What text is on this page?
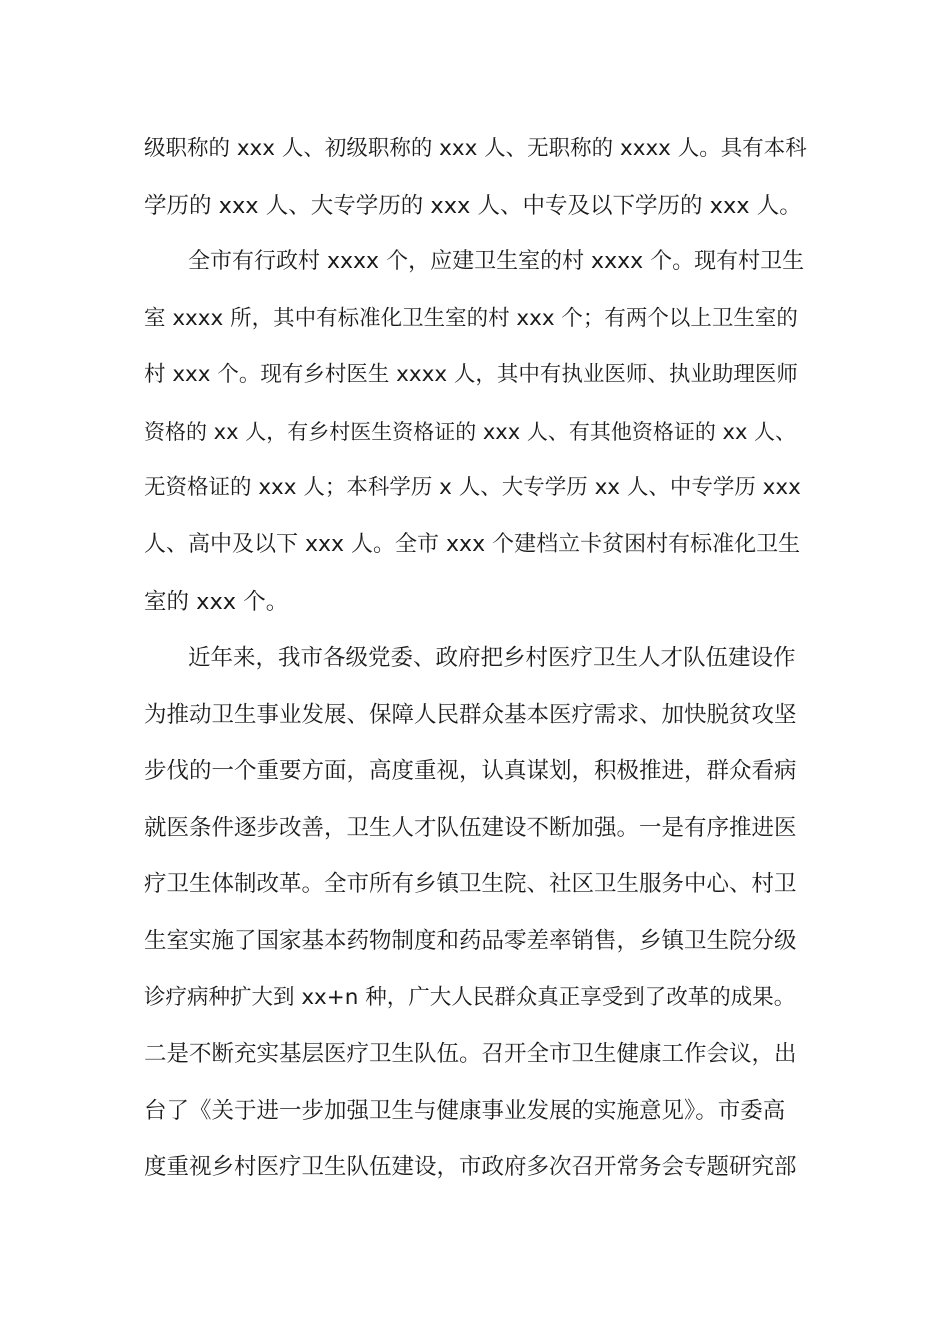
级职称的 xxx 人、初级职称的 xxx 人、无职称的 xxxx 人。具有本科
学历的 xxx 人、大专学历的 xxx 人、中专及以下学历的 xxx 人。
全市有行政村 xxxx 个，应建卫生室的村 xxxx 个。现有村卫生
室 xxxx 所，其中有标准化卫生室的村 xxx 个；有两个以上卫生室的
村 xxx 个。现有乡村医生 xxxx 人，其中有执业医师、执业助理医师
资格的 xx 人，有乡村医生资格证的 xxx 人、有其他资格证的 xx 人、
无资格证的 xxx 人；本科学历 x 人、大专学历 xx 人、中专学历 xxx
人、高中及以下 xxx 人。全市 xxx 个建档立卡贫困村有标准化卫生
室的 xxx 个。
近年来，我市各级党委、政府把乡村医疗卫生人才队伍建设作
为推动卫生事业发展、保障人民群众基本医疗需求、加快脱贫攻坚
步伐的一个重要方面，高度重视，认真谋划，积极推进，群众看病
就医条件逐步改善，卫生人才队伍建设不断加强。一是有序推进医
疗卫生体制改革。全市所有乡镇卫生院、社区卫生服务中心、村卫
生室实施了国家基本药物制度和药品零差率销售，乡镇卫生院分级
诊疗病种扩大到 xx+n 种，广大人民群众真正享受到了改革的成果。
二是不断充实基层医疗卫生队伍。召开全市卫生健康工作会议，出
台了《关于进一步加强卫生与健康事业发展的实施意见》。市委高
度重视乡村医疗卫生队伍建设，市政府多次召开常务会专题研究部
